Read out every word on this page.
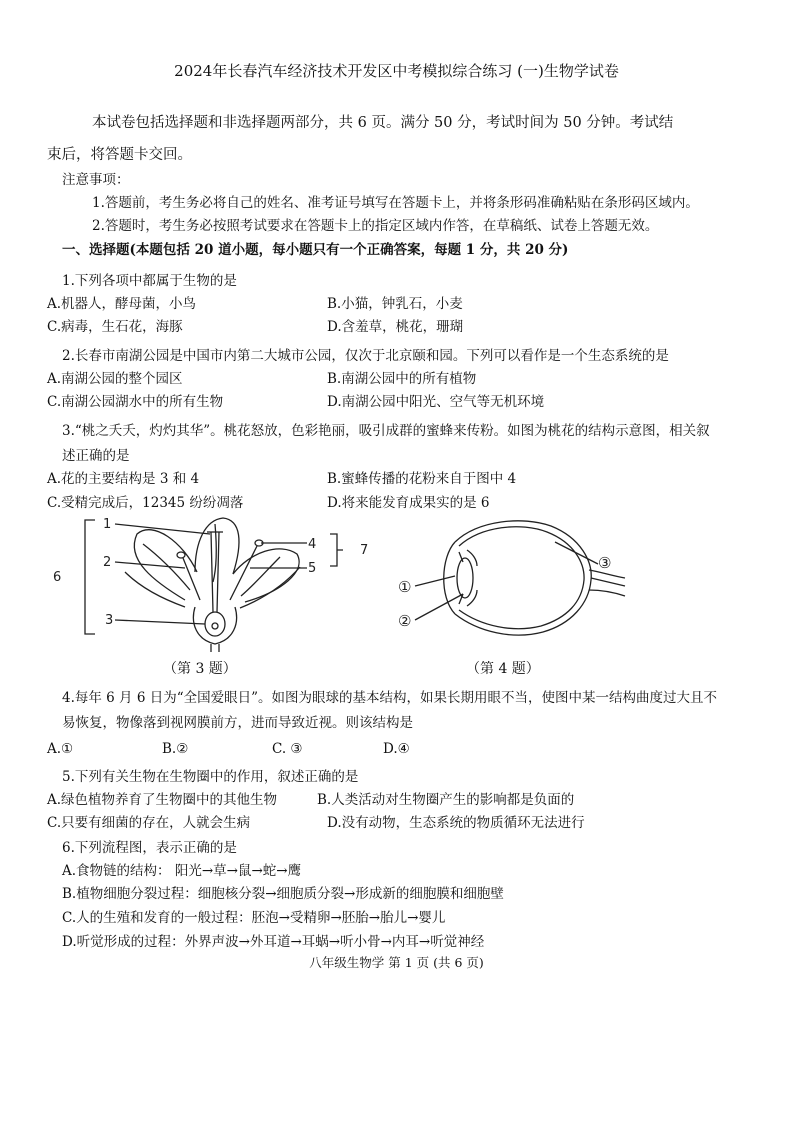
2024年长春汽车经济技术开发区中考模拟综合练习 (一)生物学试卷
本试卷包括选择题和非选择题两部分，共 6 页。满分 50 分，考试时间为 50 分钟。考试结
束后，将答题卡交回。
注意事项：
1.答题前，考生务必将自己的姓名、准考证号填写在答题卡上，并将条形码准确粘贴在条形码区域内。
2.答题时，考生务必按照考试要求在答题卡上的指定区域内作答，在草稿纸、试卷上答题无效。
一、选择题(本题包括 20 道小题，每小题只有一个正确答案，每题 1 分，共 20 分)
1.下列各项中都属于生物的是
A.机器人，酵母菌，小鸟	B.小猫，钟乳石，小麦
C.病毒，生石花，海豚	D.含羞草，桃花，珊瑚
2.长春市南湖公园是中国市内第二大城市公园，仅次于北京颐和园。下列可以看作是一个生态系统的是
A.南湖公园的整个园区	B.南湖公园中的所有植物
C.南湖公园湖水中的所有生物	D.南湖公园中阳光、空气等无机环境
3.“桃之夭夭，灼灼其华”。桃花怒放，色彩艳丽，吸引成群的蜜蜂来传粉。如图为桃花的结构示意图，相关叙
述正确的是
A.花的主要结构是 3 和 4	B.蜜蜂传播的花粉来自于图中 4
C.受精完成后，12345 纷纷凋落	D.将来能发育成果实的是 6
1
2
3
4
5
6
7
（第 3 题）
①
②
③
（第 4 题）
4.每年 6 月 6 日为“全国爱眼日”。如图为眼球的基本结构，如果长期用眼不当，使图中某一结构曲度过大且不
易恢复，物像落到视网膜前方，进而导致近视。则该结构是
A.①	B.②	C. ③	D.④
5.下列有关生物在生物圈中的作用，叙述正确的是
A.绿色植物养育了生物圈中的其他生物	B.人类活动对生物圈产生的影响都是负面的
C.只要有细菌的存在，人就会生病	D.没有动物，生态系统的物质循环无法进行
6.下列流程图，表示正确的是
A.食物链的结构： 阳光→草→鼠→蛇→鹰
B.植物细胞分裂过程：细胞核分裂→细胞质分裂→形成新的细胞膜和细胞壁
C.人的生殖和发育的一般过程：胚泡→受精卵→胚胎→胎儿→婴儿
D.听觉形成的过程：外界声波→外耳道→耳蜗→听小骨→内耳→听觉神经
八年级生物学 第 1 页 (共 6 页)
